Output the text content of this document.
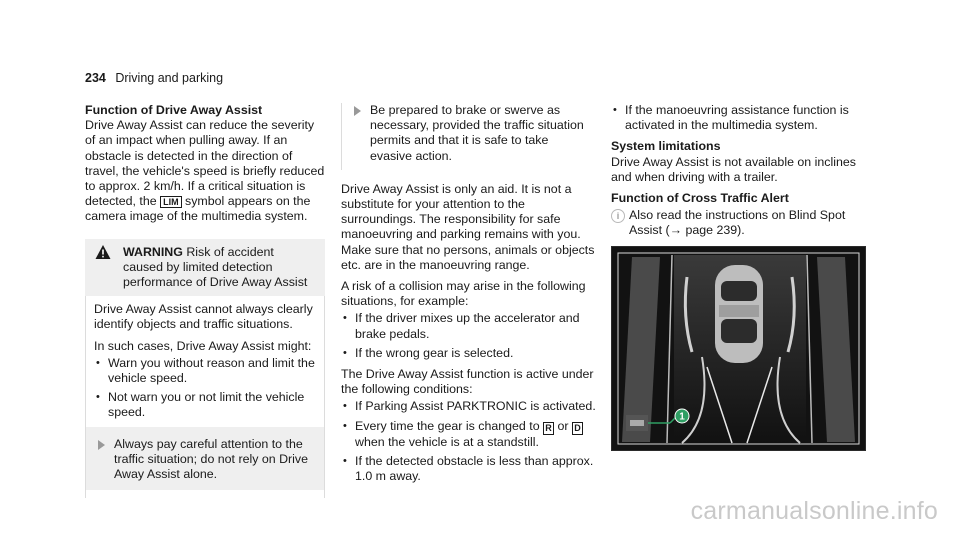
234 Driving and parking
Function of Drive Away Assist

Drive Away Assist can reduce the severity of an impact when pulling away. If an obstacle is detected in the direction of travel, the vehicle's speed is briefly reduced to approx. 2 km/h. If a critical situation is detected, the LIM symbol appears on the camera image of the multimedia system.

WARNING Risk of accident caused by limited detection performance of Drive Away Assist

Drive Away Assist cannot always clearly identify objects and traffic situations.

In such cases, Drive Away Assist might:

• Warn you without reason and limit the vehicle speed.
• Not warn you or not limit the vehicle speed.
Always pay careful attention to the traffic situation; do not rely on Drive Away Assist alone.
Be prepared to brake or swerve as necessary, provided the traffic situation permits and that it is safe to take evasive action.

Drive Away Assist is only an aid. It is not a substitute for your attention to the surroundings. The responsibility for safe manoeuvring and parking remains with you. Make sure that no persons, animals or objects etc. are in the manoeuvring range.

A risk of a collision may arise in the following situations, for example:

• If the driver mixes up the accelerator and brake pedals.
• If the wrong gear is selected.

The Drive Away Assist function is active under the following conditions:

• If Parking Assist PARKTRONIC is activated.
• Every time the gear is changed to R or D when the vehicle is at a standstill.
• If the detected obstacle is less than approx. 1.0 m away.
• If the manoeuvring assistance function is activated in the multimedia system.
System limitations

Drive Away Assist is not available on inclines and when driving with a trailer.

Function of Cross Traffic Alert
i Also read the instructions on Blind Spot Assist (→ page 239).
1
carmanualsonline.info
